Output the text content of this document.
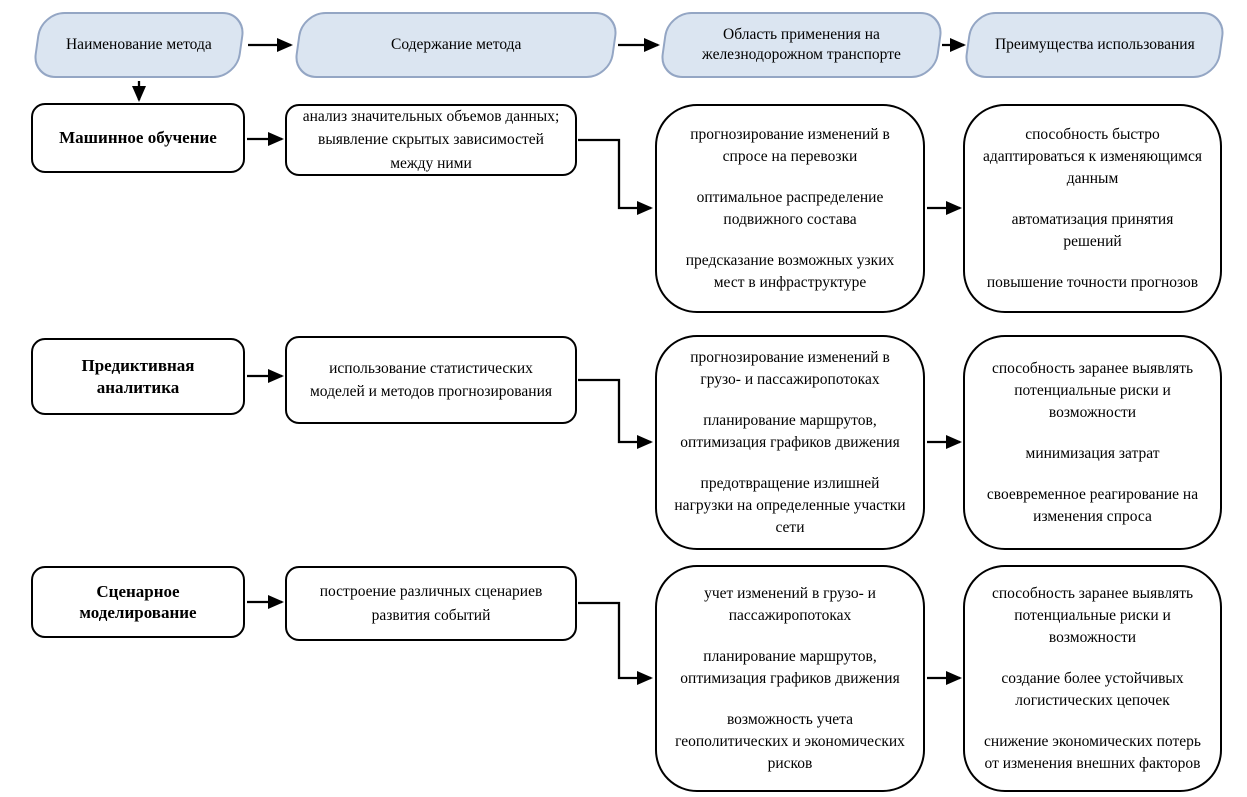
Наименование метода	Содержание метода
Область применения на железнодорожном транспорте
Преимущества использования
Машинное обучение
анализ значительных объемов данных; выявление скрытых зависимостей между ними
прогнозирование изменений в спросе на перевозки
оптимальное распределение подвижного состава
предсказание возможных узких мест в инфраструктуре
способность быстро адаптироваться к изменяющимся данным
автоматизация принятия решений
повышение точности прогнозов
Предиктивная аналитика
использование статистических моделей и методов прогнозирования
прогнозирование изменений в грузо- и пассажиропотоках
планирование маршрутов, оптимизация графиков движения
предотвращение излишней нагрузки на определенные участки сети
способность заранее выявлять потенциальные риски и возможности
минимизация затрат
своевременное реагирование на изменения спроса
Сценарное моделирование
построение различных сценариев развития событий
учет изменений в грузо- и пассажиропотоках
планирование маршрутов, оптимизация графиков движения
возможность учета геополитических и экономических рисков
способность заранее выявлять потенциальные риски и возможности
создание более устойчивых логистических цепочек
снижение экономических потерь от изменения внешних факторов
